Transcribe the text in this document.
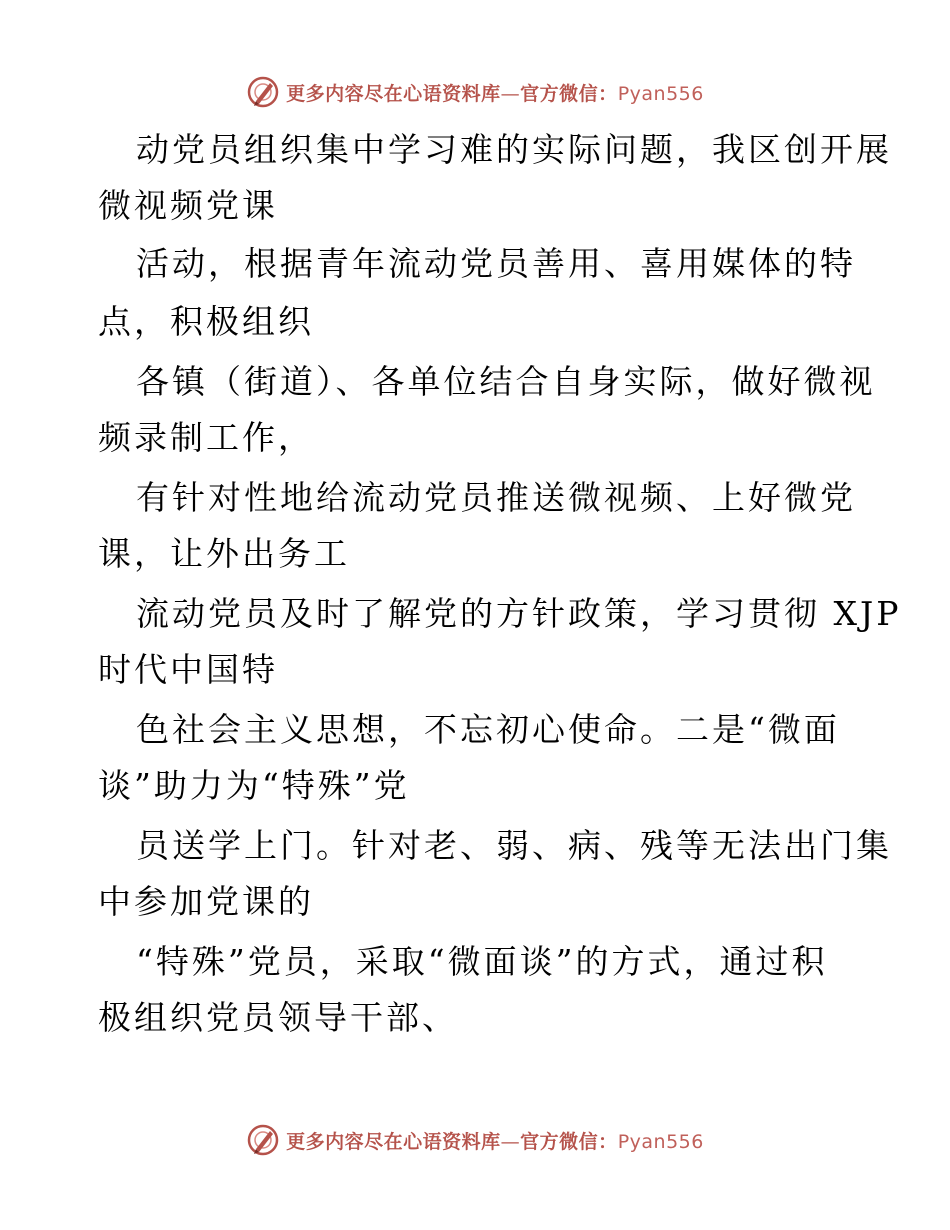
更多内容尽在心语资料库—官方微信：Pyan556
动党员组织集中学习难的实际问题，我区创开展
微视频党课
活动，根据青年流动党员善用、喜用媒体的特
点，积极组织
各镇（街道）、各单位结合自身实际，做好微视
频录制工作，
有针对性地给流动党员推送微视频、上好微党
课，让外出务工
流动党员及时了解党的方针政策，学习贯彻 XJP
时代中国特
色社会主义思想，不忘初心使命。二是“微面
谈”助力为“特殊”党
员送学上门。针对老、弱、病、残等无法出门集
中参加党课的
“特殊”党员，采取“微面谈”的方式，通过积
极组织党员领导干部、
更多内容尽在心语资料库—官方微信：Pyan556
